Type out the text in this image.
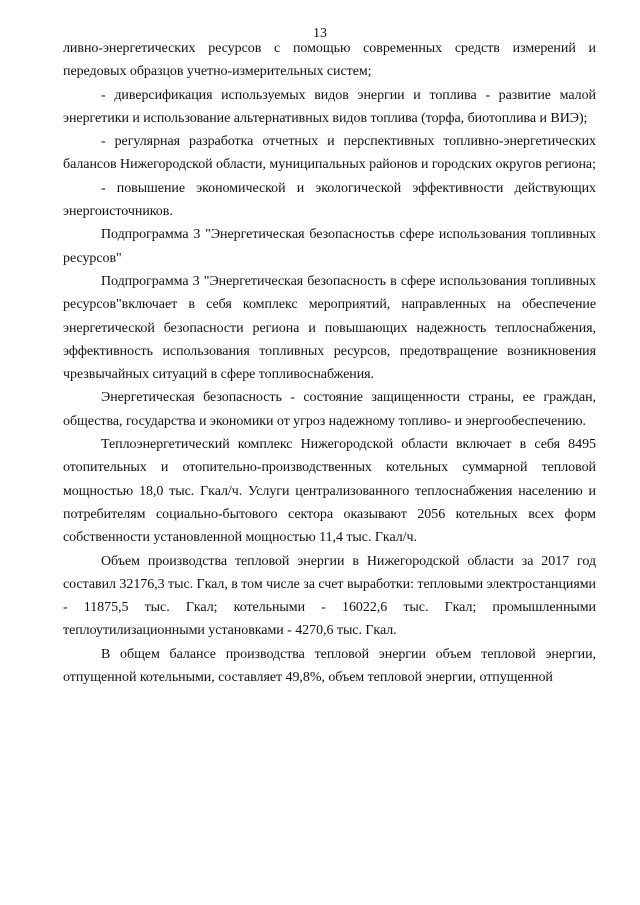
13

ливно-энергетических ресурсов с помощью современных средств измерений и передовых образцов учетно-измерительных систем;

- диверсификация используемых видов энергии и топлива - развитие малой энергетики и использование альтернативных видов топлива (торфа, биотоплива и ВИЭ);

- регулярная разработка отчетных и перспективных топливно-энергетических балансов Нижегородской области, муниципальных районов и городских округов региона;

- повышение экономической и экологической эффективности действующих энергоисточников.

Подпрограмма 3 "Энергетическая безопасностьв сфере использования топливных ресурсов"

Подпрограмма 3 "Энергетическая безопасность в сфере использования топливных ресурсов"включает в себя комплекс мероприятий, направленных на обеспечение энергетической безопасности региона и повышающих надежность теплоснабжения, эффективность использования топливных ресурсов, предотвращение возникновения чрезвычайных ситуаций в сфере топливоснабжения.

Энергетическая безопасность - состояние защищенности страны, ее граждан, общества, государства и экономики от угроз надежному топливо- и энергообеспечению.

Теплоэнергетический комплекс Нижегородской области включает в себя 8495 отопительных и отопительно-производственных котельных суммарной тепловой мощностью 18,0 тыс. Гкал/ч. Услуги централизованного теплоснабжения населению и потребителям социально-бытового сектора оказывают 2056 котельных всех форм собственности установленной мощностью 11,4 тыс. Гкал/ч.

Объем производства тепловой энергии в Нижегородской области за 2017 год составил 32176,3 тыс. Гкал, в том числе за счет выработки: тепловыми электростанциями - 11875,5 тыс. Гкал; котельными - 16022,6 тыс. Гкал; промышленными теплоутилизационными установками - 4270,6 тыс. Гкал.

В общем балансе производства тепловой энергии объем тепловой энергии, отпущенной котельными, составляет 49,8%, объем тепловой энергии, отпущенной
